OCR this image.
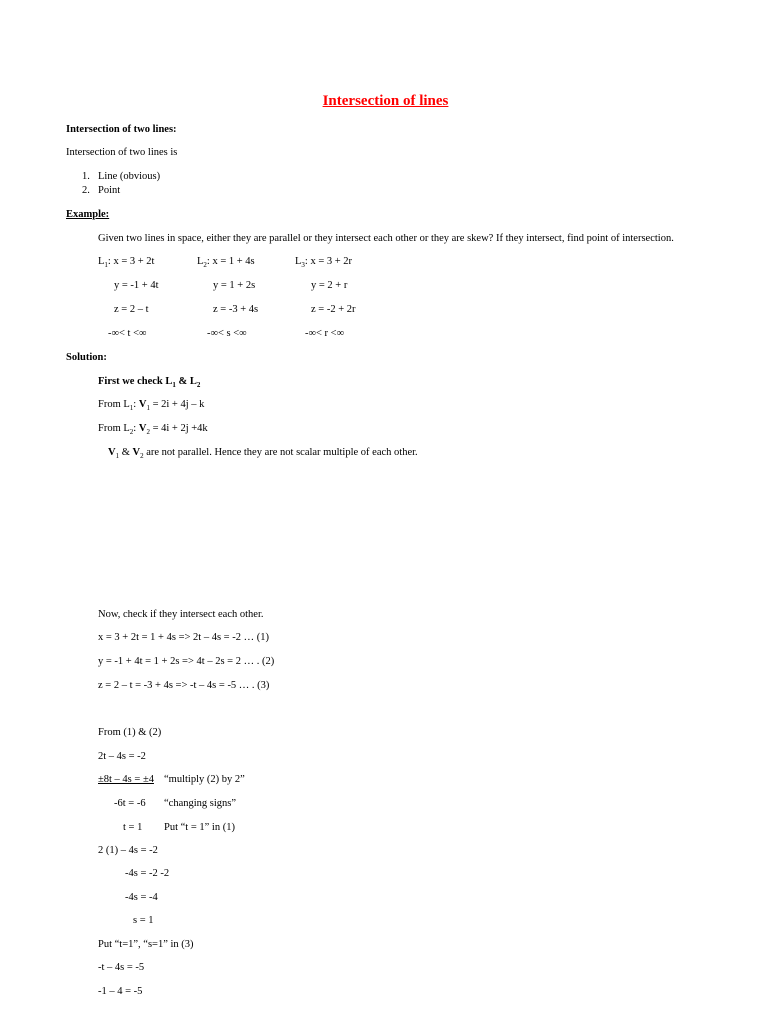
Intersection of lines
Intersection of two lines:
Intersection of two lines is
1. Line (obvious)
2. Point
Example:
Given two lines in space, either they are parallel or they intersect each other or they are skew? If they intersect, find point of intersection.
$L_1$: x = 3 + 2t	$L_2$: x = 1 + 4s	$L_3$: x = 3 + 2r
y = -1 + 4t	y = 1 + 2s	y = 2 + r
z = 2 – t	z = -3 + 4s	z = -2 + 2r
-∞< t <∞	-∞< s <∞	-∞< r <∞
Solution:
First we check $L_1$ & $L_2$
From $L_1$: $V_1 = 2i + 4j - k$
From $L_2$: $V_2 = 4i + 2j +4k$
$V_1$ & $V_2$ are not parallel. Hence they are not scalar multiple of each other.
Now, check if they intersect each other.
x = 3 + 2t = 1 + 4s => 2t – 4s = -2 … (1)
y = -1 + 4t = 1 + 2s => 4t – 2s = 2 … . (2)
z = 2 – t = -3 + 4s => -t – 4s = -5 … . (3)
From (1) & (2)
2t – 4s = -2
±8t – 4s = ±4 “multiply (2) by 2”
-6t = -6 “changing signs”
t = 1 Put “t = 1” in (1)
2 (1) – 4s = -2
-4s = -2 -2
-4s = -4
s = 1
Put “t=1”, “s=1” in (3)
-t – 4s = -5
-1 – 4 = -5
